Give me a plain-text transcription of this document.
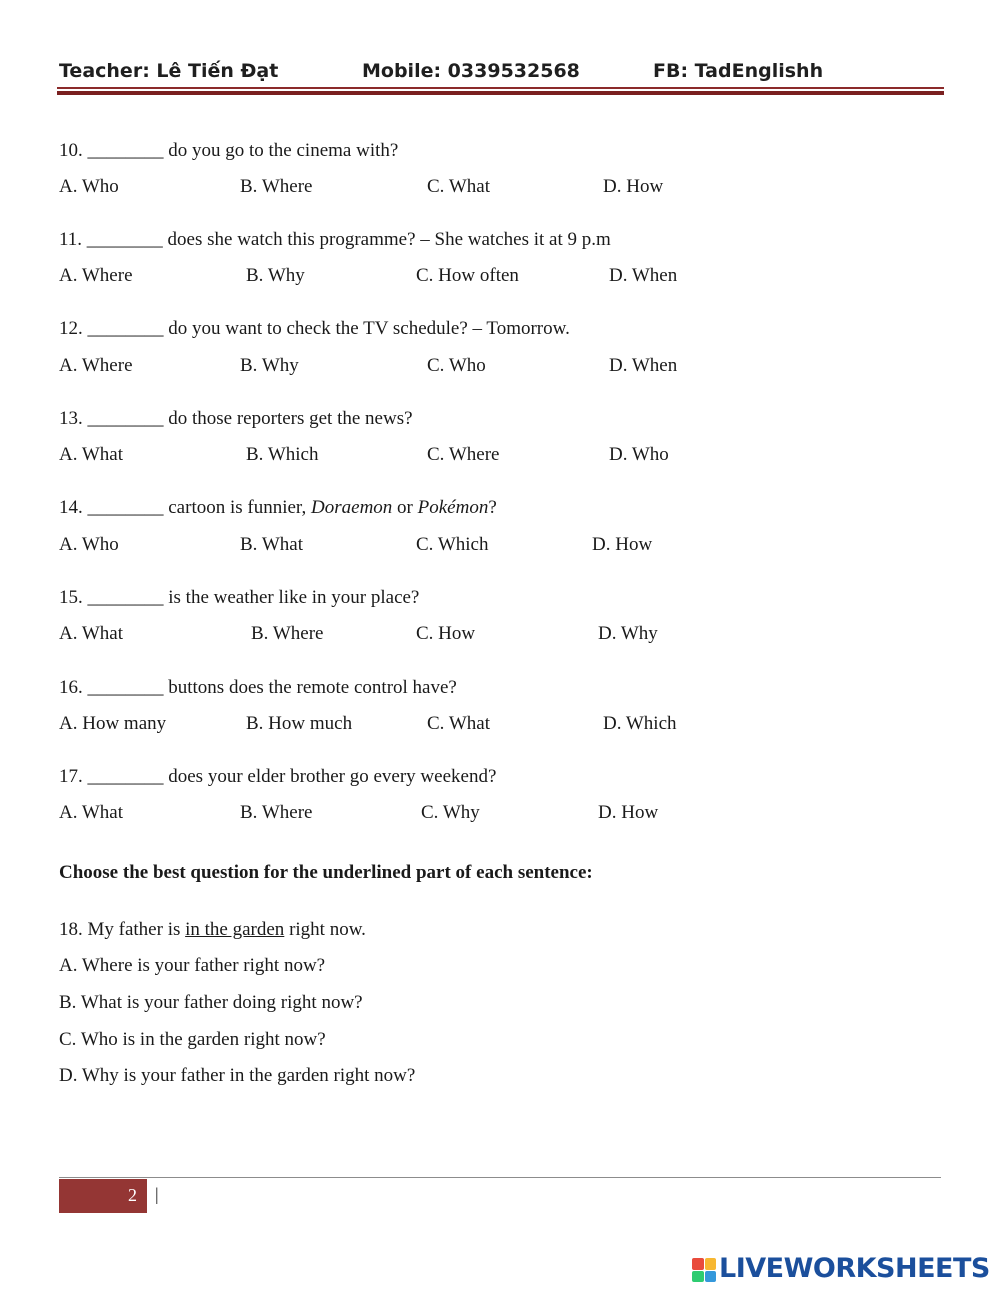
Teacher: Lê Tiến Đạt	Mobile: 0339532568	FB: TadEnglishh
10. ________ do you go to the cinema with?
A. Who	B. Where	C. What	D. How
11. ________ does she watch this programme? – She watches it at 9 p.m
A. Where	B. Why	C. How often	D. When
12. ________ do you want to check the TV schedule? – Tomorrow.
A. Where	B. Why	C. Who	D. When
13. ________ do those reporters get the news?
A. What	B. Which	C. Where	D. Who
14. ________ cartoon is funnier, Doraemon or Pokémon?
A. Who	B. What	C. Which	D. How
15. ________ is the weather like in your place?
A. What	B. Where	C. How	D. Why
16. ________ buttons does the remote control have?
A. How many	B. How much	C. What	D. Which
17. ________ does your elder brother go every weekend?
A. What	B. Where	C. Why	D. How
Choose the best question for the underlined part of each sentence:
18. My father is in the garden right now.
A. Where is your father right now?
B. What is your father doing right now?
C. Who is in the garden right now?
D. Why is your father in the garden right now?
2 |
LIVEWORKSHEETS
